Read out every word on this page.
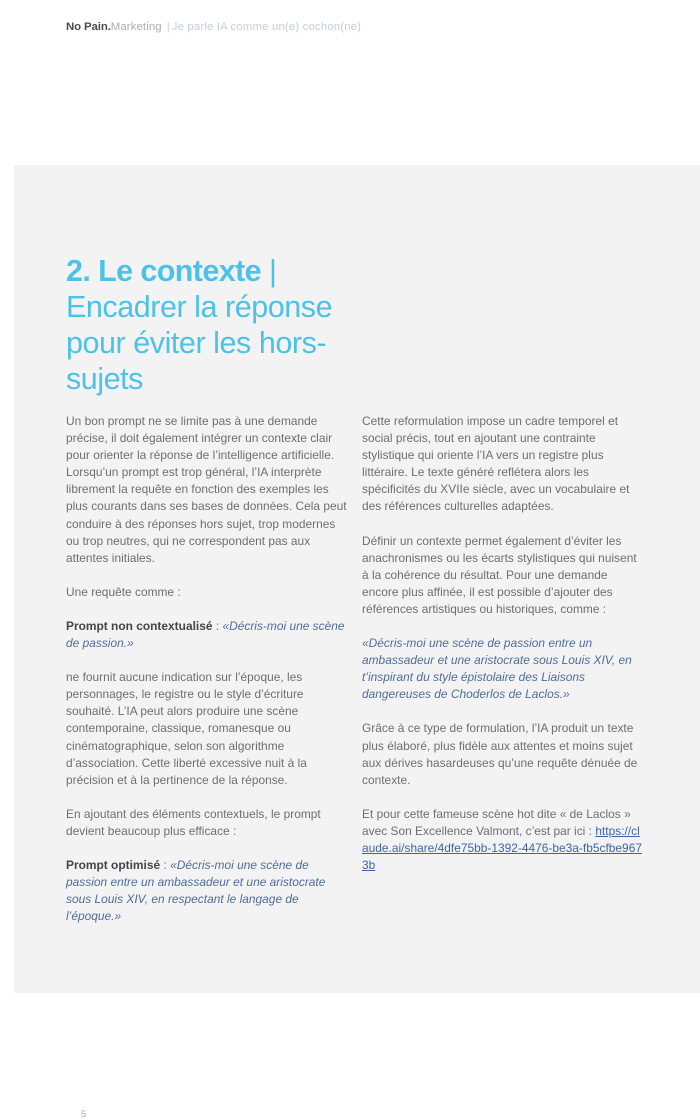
No Pain.Marketing | Je parle IA comme un(e) cochon(ne)
2. Le contexte | Encadrer la réponse pour éviter les hors-sujets

Un bon prompt ne se limite pas à une demande précise, il doit également intégrer un contexte clair pour orienter la réponse de l’intelligence artificielle. Lorsqu’un prompt est trop général, l’IA interprète librement la requête en fonction des exemples les plus courants dans ses bases de données. Cela peut conduire à des réponses hors sujet, trop modernes ou trop neutres, qui ne correspondent pas aux attentes initiales.

Une requête comme :

Prompt non contextualisé : «Décris-moi une scène de passion.»

ne fournit aucune indication sur l’époque, les personnages, le registre ou le style d’écriture souhaité. L’IA peut alors produire une scène contemporaine, classique, romanesque ou cinématographique, selon son algorithme d’association. Cette liberté excessive nuit à la précision et à la pertinence de la réponse.

En ajoutant des éléments contextuels, le prompt devient beaucoup plus efficace :

Prompt optimisé : «Décris-moi une scène de passion entre un ambassadeur et une aristocrate sous Louis XIV, en respectant le langage de l’époque.»

Cette reformulation impose un cadre temporel et social précis, tout en ajoutant une contrainte stylistique qui oriente l’IA vers un registre plus littéraire. Le texte généré reflétera alors les spécificités du XVIIe siècle, avec un vocabulaire et des références culturelles adaptées.

Définir un contexte permet également d’éviter les anachronismes ou les écarts stylistiques qui nuisent à la cohérence du résultat. Pour une demande encore plus affinée, il est possible d’ajouter des références artistiques ou historiques, comme :

«Décris-moi une scène de passion entre un ambassadeur et une aristocrate sous Louis XIV, en t’inspirant du style épistolaire des Liaisons dangereuses de Choderlos de Laclos.»

Grâce à ce type de formulation, l’IA produit un texte plus élaboré, plus fidèle aux attentes et moins sujet aux dérives hasardeuses qu’une requête dénuée de contexte.

Et pour cette fameuse scène hot dite « de Laclos » avec Son Excellence Valmont, c’est par ici : https://claude.ai/share/4dfe75bb-1392-4476-be3a-fb5cfbe9673b

5
